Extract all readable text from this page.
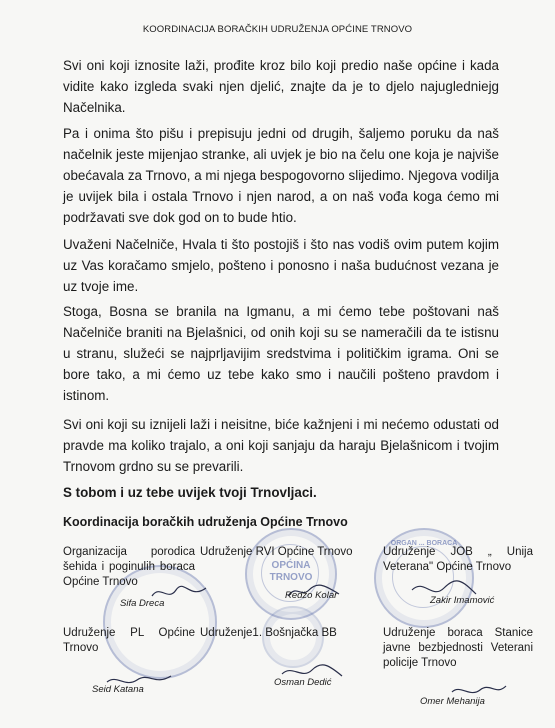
KOORDINACIJA BORAČKIH UDRUŽENJA OPĆINE TRNOVO

Svi oni koji iznosite laži, prođite kroz bilo koji predio naše općine i kada vidite kako izgleda svaki njen djelić, znajte da je to djelo najugledniejg Načelnika.

Pa i onima što pišu i prepisuju jedni od drugih, šaljemo poruku da naš načelnik jeste mijenjao stranke, ali uvjek je bio na čelu one koja je najviše obećavala za Trnovo, a mi njega bespogovorno slijedimo. Njegova vodilja je uvijek bila i ostala Trnovo i njen narod, a on naš vođa koga ćemo mi podržavati sve dok god on to bude htio.

Uvaženi Načelniče, Hvala ti što postojiš i što nas vodiš ovim putem kojim uz Vas koračamo smjelo, pošteno i ponosno i naša budućnost vezana je uz tvoje ime.

Stoga, Bosna se branila na Igmanu, a mi ćemo tebe poštovani naš Načelniče braniti na Bjelašnici, od onih koji su se nameračili da te istisnu u stranu, služeći se najprljavijim sredstvima i političkim igrama. Oni se bore tako, a mi ćemo uz tebe kako smo i naučili pošteno pravdom i istinom.

Svi oni koji su iznijeli laži i neisitne, biće kažnjeni i mi nećemo odustati od pravde ma koliko trajalo, a oni koji sanjaju da haraju Bjelašnicom i tvojim Trnovom grdno su se prevarili.

S tobom i uz tebe uvijek tvoji Trnovljaci.

Koordinacija boračkih udruženja Općine Trnovo

OPĆINA TRNOVO
ORGAN ... BORACA
Organizacija porodica šehida i poginulih boraca Općine Trnovo
Udruženje RVI Općine Trnovo	Udruženje JOB „ Unija Veterana" Općine Trnovo
Sifa Dreca
Redžo Kolar	Zakir Imamović
Udruženje PL Općine Trnovo
Udruženje1. Bošnjačka BB	Udruženje boraca Stanice javne bezbjednosti Veterani policije Trnovo
Seid Katana
Osman Dedić
Omer Mehanija
